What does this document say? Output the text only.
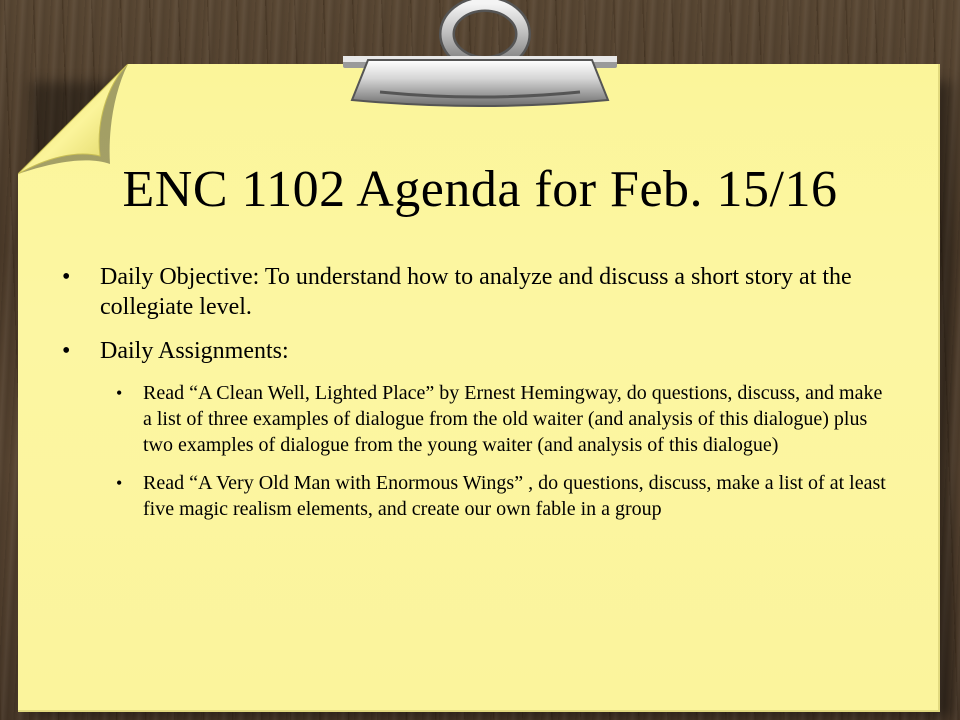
ENC 1102 Agenda for Feb. 15/16
• Daily Objective: To understand how to analyze and discuss a short story at the collegiate level.
• Daily Assignments:
• Read “A Clean Well, Lighted Place” by Ernest Hemingway, do questions, discuss, and make a list of three examples of dialogue from the old waiter (and analysis of this dialogue) plus two examples of dialogue from the young waiter (and analysis of this dialogue)
• Read “A Very Old Man with Enormous Wings” , do questions, discuss, make a list of at least five magic realism elements, and create our own fable in a group
